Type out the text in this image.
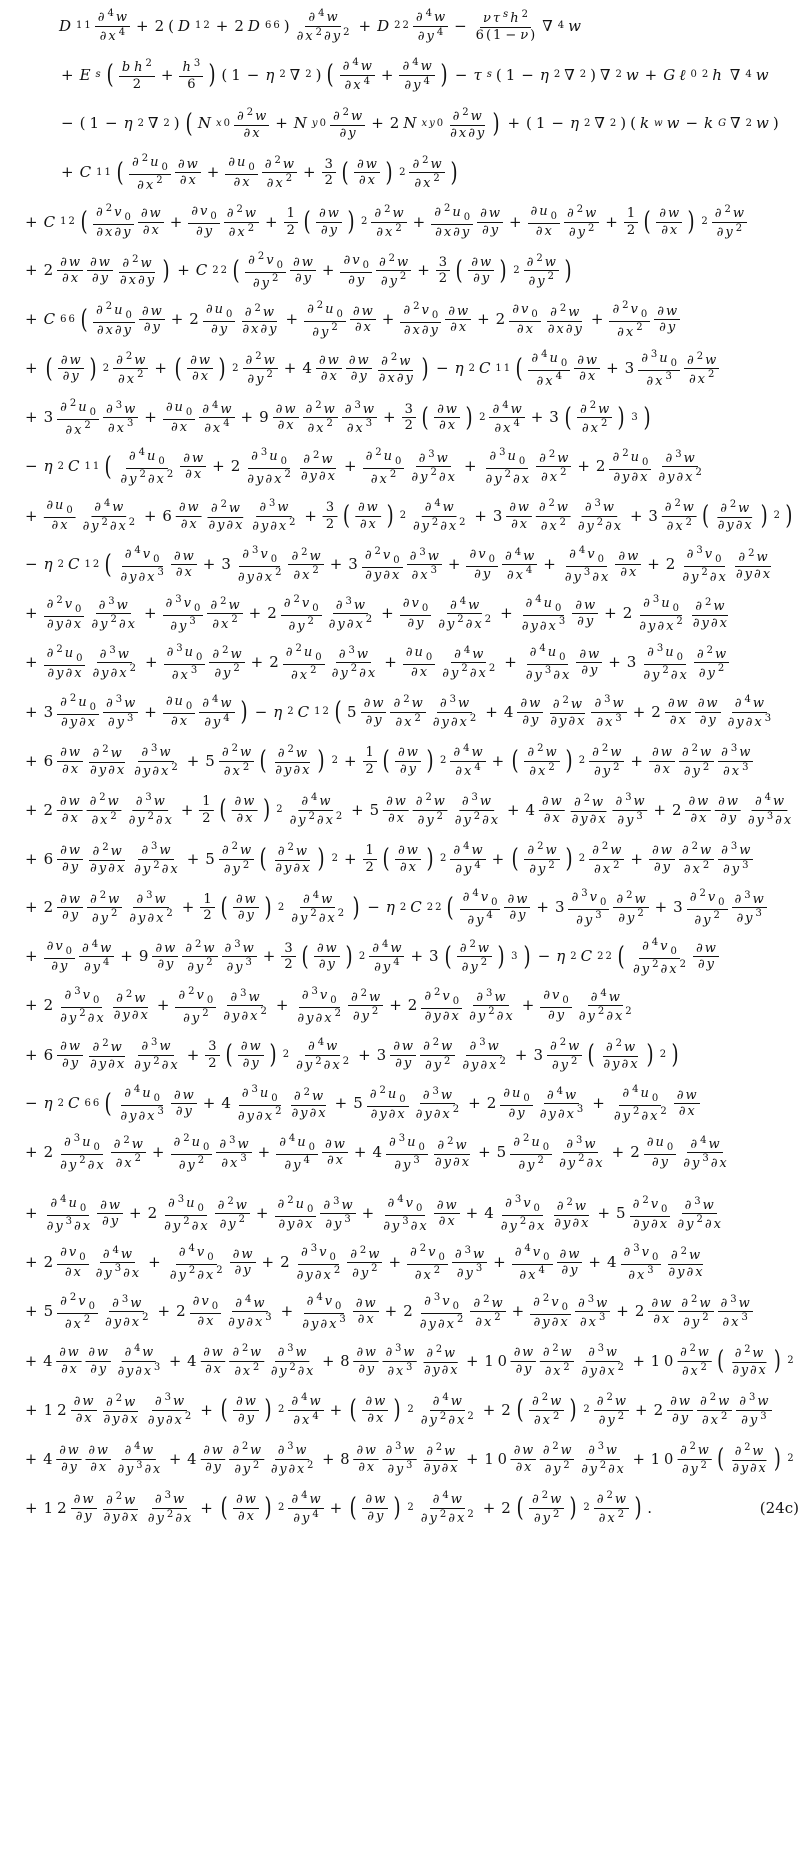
D 1 $1 \frac{\partial ^4 w}{\partial x ^4} + 2$ ( D 1 2 + 2 D 6 6 ) $\frac{\partial ^4 w}{\partial x ^2 \partial y ^2} + D$ 2 $2 \frac{\partial ^4 w}{\partial y ^4} - \frac{\nu \tau ^s h ^2}{6 ( 1 - \nu )}$ ∇ 4 w
+ E s ( $\frac{b h ^2}{2} + \frac{h ^3}{6}$ ) ( 1 − η 2 ∇ 2 ) ( $\frac{\partial ^4 w}{\partial x ^4} + \frac{\partial ^4 w}{\partial y ^4}$ ) − τ s ( 1 − η 2 ∇ 2 ) ∇ 2 w + G ℓ 0 2 h ∇ 4 w
− ( 1 − η 2 ∇ 2 ) ( N x $0 \frac{\partial ^2 w}{\partial x} + N$ y $0 \frac{\partial ^2 w}{\partial y} + 2$ N x y $0 \frac{\partial ^2 w}{\partial x \partial y}$ ) + ( 1 − η 2 ∇ 2 ) ( k w w − k G ∇ 2 w )
+ C 1 1 ( $\frac{\partial ^2 u _0}{\partial x ^2} \frac{\partial w}{\partial x} + \frac{\partial u _0}{\partial x} \frac{\partial ^2 w}{\partial x ^2} + \frac{3}{2}$ ( $\frac{\partial w}{\partial x}$ ) $2 \frac{\partial ^2 w}{\partial x ^2}$ )
+ C 1 2 ( $\frac{\partial ^2 v _0}{\partial x \partial y} \frac{\partial w}{\partial x} + \frac{\partial v _0}{\partial y} \frac{\partial ^2 w}{\partial x ^2} + \frac{1}{2}$ ( $\frac{\partial w}{\partial y}$ ) $2 \frac{\partial ^2 w}{\partial x ^2} + \frac{\partial ^2 u _0}{\partial x \partial y} \frac{\partial w}{\partial y} + \frac{\partial u _0}{\partial x} \frac{\partial ^2 w}{\partial y ^2} + \frac{1}{2}$ ( $\frac{\partial w}{\partial x}$ ) $2 \frac{\partial ^2 w}{\partial y ^2}$
+ $2 \frac{\partial w}{\partial x} \frac{\partial w}{\partial y} \frac{\partial ^2 w}{\partial x \partial y}$ ) + C 2 2 ( $\frac{\partial ^2 v _0}{\partial y ^2} \frac{\partial w}{\partial y} + \frac{\partial v _0}{\partial y} \frac{\partial ^2 w}{\partial y ^2} + \frac{3}{2}$ ( $\frac{\partial w}{\partial y}$ ) $2 \frac{\partial ^2 w}{\partial y ^2}$ )
+ C 6 6 ( $\frac{\partial ^2 u _0}{\partial x \partial y} \frac{\partial w}{\partial y} + 2 \frac{\partial u _0}{\partial y} \frac{\partial ^2 w}{\partial x \partial y} + \frac{\partial ^2 u _0}{\partial y ^2} \frac{\partial w}{\partial x} + \frac{\partial ^2 v _0}{\partial x \partial y} \frac{\partial w}{\partial x} + 2 \frac{\partial v _0}{\partial x} \frac{\partial ^2 w}{\partial x \partial y} + \frac{\partial ^2 v _0}{\partial x ^2} \frac{\partial w}{\partial y}$
+ ( $\frac{\partial w}{\partial y}$ ) $2 \frac{\partial ^2 w}{\partial x ^2}$ + ( $\frac{\partial w}{\partial x}$ ) $2 \frac{\partial ^2 w}{\partial y ^2} + 4 \frac{\partial w}{\partial x} \frac{\partial w}{\partial y} \frac{\partial ^2 w}{\partial x \partial y}$ ) − η 2 C 1 1 ( $\frac{\partial ^4 u _0}{\partial x ^4} \frac{\partial w}{\partial x} + 3 \frac{\partial ^3 u _0}{\partial x ^3} \frac{\partial ^2 w}{\partial x ^2}$
+ $3 \frac{\partial ^2 u _0}{\partial x ^2} \frac{\partial ^3 w}{\partial x ^3} + \frac{\partial u _0}{\partial x} \frac{\partial ^4 w}{\partial x ^4} + 9 \frac{\partial w}{\partial x} \frac{\partial ^2 w}{\partial x ^2} \frac{\partial ^3 w}{\partial x ^3} + \frac{3}{2}$ ( $\frac{\partial w}{\partial x}$ ) $2 \frac{\partial ^4 w}{\partial x ^4} + 3$ ( $\frac{\partial ^2 w}{\partial x ^2}$ ) 3 )
− η 2 C 1 1 ( $\frac{\partial ^4 u _0}{\partial y ^2 \partial x ^2} \frac{\partial w}{\partial x} + 2 \frac{\partial ^3 u _0}{\partial y \partial x ^2} \frac{\partial ^2 w}{\partial y \partial x} + \frac{\partial ^2 u _0}{\partial x ^2} \frac{\partial ^3 w}{\partial y ^2 \partial x} + \frac{\partial ^3 u _0}{\partial y ^2 \partial x} \frac{\partial ^2 w}{\partial x ^2} + 2 \frac{\partial ^2 u _0}{\partial y \partial x} \frac{\partial ^3 w}{\partial y \partial x ^2}$
+ $\frac{\partial u _0}{\partial x} \frac{\partial ^4 w}{\partial y ^2 \partial x ^2} + 6 \frac{\partial w}{\partial x} \frac{\partial ^2 w}{\partial y \partial x} \frac{\partial ^3 w}{\partial y \partial x ^2} + \frac{3}{2}$ ( $\frac{\partial w}{\partial x}$ ) $2 \frac{\partial ^4 w}{\partial y ^2 \partial x ^2} + 3 \frac{\partial w}{\partial x} \frac{\partial ^2 w}{\partial x ^2} \frac{\partial ^3 w}{\partial y ^2 \partial x} + 3 \frac{\partial ^2 w}{\partial x ^2}$ ( $\frac{\partial ^2 w}{\partial y \partial x}$ ) 2 )
− η 2 C 1 2 ( $\frac{\partial ^4 v _0}{\partial y \partial x ^3} \frac{\partial w}{\partial x} + 3 \frac{\partial ^3 v _0}{\partial y \partial x ^2} \frac{\partial ^2 w}{\partial x ^2} + 3 \frac{\partial ^2 v _0}{\partial y \partial x} \frac{\partial ^3 w}{\partial x ^3} + \frac{\partial v _0}{\partial y} \frac{\partial ^4 w}{\partial x ^4} + \frac{\partial ^4 v _0}{\partial y ^3 \partial x} \frac{\partial w}{\partial x} + 2 \frac{\partial ^3 v _0}{\partial y ^2 \partial x} \frac{\partial ^2 w}{\partial y \partial x}$
+ $\frac{\partial ^2 v _0}{\partial y \partial x} \frac{\partial ^3 w}{\partial y ^2 \partial x} + \frac{\partial ^3 v _0}{\partial y ^3} \frac{\partial ^2 w}{\partial x ^2} + 2 \frac{\partial ^2 v _0}{\partial y ^2} \frac{\partial ^3 w}{\partial y \partial x ^2} + \frac{\partial v _0}{\partial y} \frac{\partial ^4 w}{\partial y ^2 \partial x ^2} + \frac{\partial ^4 u _0}{\partial y \partial x ^3} \frac{\partial w}{\partial y} + 2 \frac{\partial ^3 u _0}{\partial y \partial x ^2} \frac{\partial ^2 w}{\partial y \partial x}$
+ $\frac{\partial ^2 u _0}{\partial y \partial x} \frac{\partial ^3 w}{\partial y \partial x ^2} + \frac{\partial ^3 u _0}{\partial x ^3} \frac{\partial ^2 w}{\partial y ^2} + 2 \frac{\partial ^2 u _0}{\partial x ^2} \frac{\partial ^3 w}{\partial y ^2 \partial x} + \frac{\partial u _0}{\partial x} \frac{\partial ^4 w}{\partial y ^2 \partial x ^2} + \frac{\partial ^4 u _0}{\partial y ^3 \partial x} \frac{\partial w}{\partial y} + 3 \frac{\partial ^3 u _0}{\partial y ^2 \partial x} \frac{\partial ^2 w}{\partial y ^2}$
+ $3 \frac{\partial ^2 u _0}{\partial y \partial x} \frac{\partial ^3 w}{\partial y ^3} + \frac{\partial u _0}{\partial x} \frac{\partial ^4 w}{\partial y ^4}$ ) − η 2 C 1 2 ( $5 \frac{\partial w}{\partial y} \frac{\partial ^2 w}{\partial x ^2} \frac{\partial ^3 w}{\partial y \partial x ^2} + 4 \frac{\partial w}{\partial y} \frac{\partial ^2 w}{\partial y \partial x} \frac{\partial ^3 w}{\partial x ^3} + 2 \frac{\partial w}{\partial x} \frac{\partial w}{\partial y} \frac{\partial ^4 w}{\partial y \partial x ^3}$
+ $6 \frac{\partial w}{\partial x} \frac{\partial ^2 w}{\partial y \partial x} \frac{\partial ^3 w}{\partial y \partial x ^2} + 5 \frac{\partial ^2 w}{\partial x ^2}$ ( $\frac{\partial ^2 w}{\partial y \partial x}$ ) $2 + \frac{1}{2}$ ( $\frac{\partial w}{\partial y}$ ) $2 \frac{\partial ^4 w}{\partial x ^4}$ + ( $\frac{\partial ^2 w}{\partial x ^2}$ ) $2 \frac{\partial ^2 w}{\partial y ^2} + \frac{\partial w}{\partial x} \frac{\partial ^2 w}{\partial y ^2} \frac{\partial ^3 w}{\partial x ^3}$
+ $2 \frac{\partial w}{\partial x} \frac{\partial ^2 w}{\partial x ^2} \frac{\partial ^3 w}{\partial y ^2 \partial x} + \frac{1}{2}$ ( $\frac{\partial w}{\partial x}$ ) $2 \frac{\partial ^4 w}{\partial y ^2 \partial x ^2} + 5 \frac{\partial w}{\partial x} \frac{\partial ^2 w}{\partial y ^2} \frac{\partial ^3 w}{\partial y ^2 \partial x} + 4 \frac{\partial w}{\partial x} \frac{\partial ^2 w}{\partial y \partial x} \frac{\partial ^3 w}{\partial y ^3} + 2 \frac{\partial w}{\partial x} \frac{\partial w}{\partial y} \frac{\partial ^4 w}{\partial y ^3 \partial x}$
+ $6 \frac{\partial w}{\partial y} \frac{\partial ^2 w}{\partial y \partial x} \frac{\partial ^3 w}{\partial y ^2 \partial x} + 5 \frac{\partial ^2 w}{\partial y ^2}$ ( $\frac{\partial ^2 w}{\partial y \partial x}$ ) $2 + \frac{1}{2}$ ( $\frac{\partial w}{\partial x}$ ) $2 \frac{\partial ^4 w}{\partial y ^4}$ + ( $\frac{\partial ^2 w}{\partial y ^2}$ ) $2 \frac{\partial ^2 w}{\partial x ^2} + \frac{\partial w}{\partial y} \frac{\partial ^2 w}{\partial x ^2} \frac{\partial ^3 w}{\partial y ^3}$
+ $2 \frac{\partial w}{\partial y} \frac{\partial ^2 w}{\partial y ^2} \frac{\partial ^3 w}{\partial y \partial x ^2} + \frac{1}{2}$ ( $\frac{\partial w}{\partial y}$ ) $2 \frac{\partial ^4 w}{\partial y ^2 \partial x ^2}$ ) − η 2 C 2 2 ( $\frac{\partial ^4 v _0}{\partial y ^4} \frac{\partial w}{\partial y} + 3 \frac{\partial ^3 v _0}{\partial y ^3} \frac{\partial ^2 w}{\partial y ^2} + 3 \frac{\partial ^2 v _0}{\partial y ^2} \frac{\partial ^3 w}{\partial y ^3}$
+ $\frac{\partial v _0}{\partial y} \frac{\partial ^4 w}{\partial y ^4} + 9 \frac{\partial w}{\partial y} \frac{\partial ^2 w}{\partial y ^2} \frac{\partial ^3 w}{\partial y ^3} + \frac{3}{2}$ ( $\frac{\partial w}{\partial y}$ ) $2 \frac{\partial ^4 w}{\partial y ^4} + 3$ ( $\frac{\partial ^2 w}{\partial y ^2}$ ) 3 ) − η 2 C 2 2 ( $\frac{\partial ^4 v _0}{\partial y ^2 \partial x ^2} \frac{\partial w}{\partial y}$
+ $2 \frac{\partial ^3 v _0}{\partial y ^2 \partial x} \frac{\partial ^2 w}{\partial y \partial x} + \frac{\partial ^2 v _0}{\partial y ^2} \frac{\partial ^3 w}{\partial y \partial x ^2} + \frac{\partial ^3 v _0}{\partial y \partial x ^2} \frac{\partial ^2 w}{\partial y ^2} + 2 \frac{\partial ^2 v _0}{\partial y \partial x} \frac{\partial ^3 w}{\partial y ^2 \partial x} + \frac{\partial v _0}{\partial y} \frac{\partial ^4 w}{\partial y ^2 \partial x ^2}$
+ $6 \frac{\partial w}{\partial y} \frac{\partial ^2 w}{\partial y \partial x} \frac{\partial ^3 w}{\partial y ^2 \partial x} + \frac{3}{2}$ ( $\frac{\partial w}{\partial y}$ ) $2 \frac{\partial ^4 w}{\partial y ^2 \partial x ^2} + 3 \frac{\partial w}{\partial y} \frac{\partial ^2 w}{\partial y ^2} \frac{\partial ^3 w}{\partial y \partial x ^2} + 3 \frac{\partial ^2 w}{\partial y ^2}$ ( $\frac{\partial ^2 w}{\partial y \partial x}$ ) 2 )
− η 2 C 6 6 ( $\frac{\partial ^4 u _0}{\partial y \partial x ^3} \frac{\partial w}{\partial y} + 4 \frac{\partial ^3 u _0}{\partial y \partial x ^2} \frac{\partial ^2 w}{\partial y \partial x} + 5 \frac{\partial ^2 u _0}{\partial y \partial x} \frac{\partial ^3 w}{\partial y \partial x ^2} + 2 \frac{\partial u _0}{\partial y} \frac{\partial ^4 w}{\partial y \partial x ^3} + \frac{\partial ^4 u _0}{\partial y ^2 \partial x ^2} \frac{\partial w}{\partial x}$
+ $2 \frac{\partial ^3 u _0}{\partial y ^2 \partial x} \frac{\partial ^2 w}{\partial x ^2} + \frac{\partial ^2 u _0}{\partial y ^2} \frac{\partial ^3 w}{\partial x ^3} + \frac{\partial ^4 u _0}{\partial y ^4} \frac{\partial w}{\partial x} + 4 \frac{\partial ^3 u _0}{\partial y ^3} \frac{\partial ^2 w}{\partial y \partial x} + 5 \frac{\partial ^2 u _0}{\partial y ^2} \frac{\partial ^3 w}{\partial y ^2 \partial x} + 2 \frac{\partial u _0}{\partial y} \frac{\partial ^4 w}{\partial y ^3 \partial x}$
+ $\frac{\partial ^4 u _0}{\partial y ^3 \partial x} \frac{\partial w}{\partial y} + 2 \frac{\partial ^3 u _0}{\partial y ^2 \partial x} \frac{\partial ^2 w}{\partial y ^2} + \frac{\partial ^2 u _0}{\partial y \partial x} \frac{\partial ^3 w}{\partial y ^3} + \frac{\partial ^4 v _0}{\partial y ^3 \partial x} \frac{\partial w}{\partial x} + 4 \frac{\partial ^3 v _0}{\partial y ^2 \partial x} \frac{\partial ^2 w}{\partial y \partial x} + 5 \frac{\partial ^2 v _0}{\partial y \partial x} \frac{\partial ^3 w}{\partial y ^2 \partial x}$
+ $2 \frac{\partial v _0}{\partial x} \frac{\partial ^4 w}{\partial y ^3 \partial x} + \frac{\partial ^4 v _0}{\partial y ^2 \partial x ^2} \frac{\partial w}{\partial y} + 2 \frac{\partial ^3 v _0}{\partial y \partial x ^2} \frac{\partial ^2 w}{\partial y ^2} + \frac{\partial ^2 v _0}{\partial x ^2} \frac{\partial ^3 w}{\partial y ^3} + \frac{\partial ^4 v _0}{\partial x ^4} \frac{\partial w}{\partial y} + 4 \frac{\partial ^3 v _0}{\partial x ^3} \frac{\partial ^2 w}{\partial y \partial x}$
+ $5 \frac{\partial ^2 v _0}{\partial x ^2} \frac{\partial ^3 w}{\partial y \partial x ^2} + 2 \frac{\partial v _0}{\partial x} \frac{\partial ^4 w}{\partial y \partial x ^3} + \frac{\partial ^4 v _0}{\partial y \partial x ^3} \frac{\partial w}{\partial x} + 2 \frac{\partial ^3 v _0}{\partial y \partial x ^2} \frac{\partial ^2 w}{\partial x ^2} + \frac{\partial ^2 v _0}{\partial y \partial x} \frac{\partial ^3 w}{\partial x ^3} + 2 \frac{\partial w}{\partial x} \frac{\partial ^2 w}{\partial y ^2} \frac{\partial ^3 w}{\partial x ^3}$
+ $4 \frac{\partial w}{\partial x} \frac{\partial w}{\partial y} \frac{\partial ^4 w}{\partial y \partial x ^3} + 4 \frac{\partial w}{\partial x} \frac{\partial ^2 w}{\partial x ^2} \frac{\partial ^3 w}{\partial y ^2 \partial x} + 8 \frac{\partial w}{\partial y} \frac{\partial ^3 w}{\partial x ^3} \frac{\partial ^2 w}{\partial y \partial x} + 1$ $0 \frac{\partial w}{\partial y} \frac{\partial ^2 w}{\partial x ^2} \frac{\partial ^3 w}{\partial y \partial x ^2} + 1$ $0 \frac{\partial ^2 w}{\partial x ^2}$ ( $\frac{\partial ^2 w}{\partial y \partial x}$ ) 2
+ 1 $2 \frac{\partial w}{\partial x} \frac{\partial ^2 w}{\partial y \partial x} \frac{\partial ^3 w}{\partial y \partial x ^2}$ + ( $\frac{\partial w}{\partial y}$ ) $2 \frac{\partial ^4 w}{\partial x ^4}$ + ( $\frac{\partial w}{\partial x}$ ) $2 \frac{\partial ^4 w}{\partial y ^2 \partial x ^2} + 2$ ( $\frac{\partial ^2 w}{\partial x ^2}$ ) $2 \frac{\partial ^2 w}{\partial y ^2} + 2 \frac{\partial w}{\partial y} \frac{\partial ^2 w}{\partial x ^2} \frac{\partial ^3 w}{\partial y ^3}$
+ $4 \frac{\partial w}{\partial y} \frac{\partial w}{\partial x} \frac{\partial ^4 w}{\partial y ^3 \partial x} + 4 \frac{\partial w}{\partial y} \frac{\partial ^2 w}{\partial y ^2} \frac{\partial ^3 w}{\partial y \partial x ^2} + 8 \frac{\partial w}{\partial x} \frac{\partial ^3 w}{\partial y ^3} \frac{\partial ^2 w}{\partial y \partial x} + 1$ $0 \frac{\partial w}{\partial x} \frac{\partial ^2 w}{\partial y ^2} \frac{\partial ^3 w}{\partial y ^2 \partial x} + 1$ $0 \frac{\partial ^2 w}{\partial y ^2}$ ( $\frac{\partial ^2 w}{\partial y \partial x}$ ) 2
+ 1 $2 \frac{\partial w}{\partial y} \frac{\partial ^2 w}{\partial y \partial x} \frac{\partial ^3 w}{\partial y ^2 \partial x}$ + ( $\frac{\partial w}{\partial x}$ ) $2 \frac{\partial ^4 w}{\partial y ^4}$ + ( $\frac{\partial w}{\partial y}$ ) $2 \frac{\partial ^4 w}{\partial y ^2 \partial x ^2} + 2$ ( $\frac{\partial ^2 w}{\partial y ^2}$ ) $2 \frac{\partial ^2 w}{\partial x ^2}$ ) .	(24c)
